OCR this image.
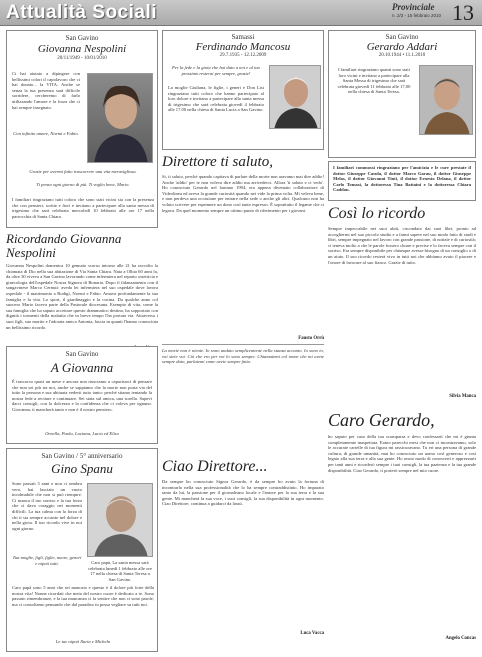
Attualità Sociali	Provinciale
n. 2/3 - 15 febbraio 2010 13
San Gavino
Giovanna Nespolini
20/11/1949 - 10/01/2010
Ci hai aiutato a dipingere con bellissimi colori il capolavoro che ci hai donato... la VITA. Anche se senza la tua presenza sarà difficile sorridere, cercheremo di farlo utilizzando l'amore e la forza che ci hai sempre insegnato.
Con infinito amore, Noemi e Fabio.
Grazie per avermi fatto trascorrere una vita meravigliosa.
Ti penso ogni giorno di più. Ti voglio bene, Mario.
I familiari ringraziano tutti coloro che sono stati vicini sia con la presenza che con pensieri, scritte e fiori e invitano a partecipare alla santa messa di trigesimo che sarà celebrata mercoledì 10 febbraio alle ore 17 nella parrocchia di Santa Chiara.
Ricordando Giovanna Nespolini
Giovanna Nespolini domenica 10 gennaio scorso intorno alle 21 ha raccolto la chiamata di Dio nella sua abitazione di Via Santa Chiara. Nata a Olbia 60 anni fa, da oltre 30 viveva a San Gavino lavorando come infermiera nel reparto ostetricia e ginecologia dell'ospedale Nostra Signora di Bonaria. Dopo il fidanzamento con il sangavinese Marco Cernuti: aveda lei infermiera nel suo ospedale dove lavora ospedale - il matrimonio a Rodigi, Noemi e Fabio. Amava profondamente la sua famiglia e la vita. Lo sport, il giardinaggio e la cucina. Da qualche anno col suocero Mario faceva parte della Pastorale diocesana. Esempio di vita, come la sua famiglia che ha saputo accettare questo drammatico destino, ha sopportato con dignità i tormenti della malattia che in breve tempo l'ha portata via. Attraverso i suoi figli, suo marito e l'adorata amica Antonia, lascia in quanti l'hanno conosciuta un bellissimo ricordo.
San Gavino
A Giovanna
È trascorso quasi un mese e ancora non riusciamo a capacitarci di pensare che non sei più tra noi, anche se sappiamo che la morte non porta via del tutto la persona e sua abituata vederti tutto tanto: perché stiamo tentando la nostra fede a recitare e continuare. Sei stata sul amica, una sorella. Sapevi darci consigli, con la dolcezza e la confidenza che ci voleva per ognuno. Giovanna, ti mancherà tanto e non è il nostro pensiero.
Ornella, Paola, Luciana, Lucia ed Eliso
San Gavino / 5° anniversario
Gino Spanu
Sono passati 5 anni e non ci sembra vero, hai lasciato un vuoto incolmabile che non si può riempire. Ci manca il tuo sorriso e la tua forza che ci dava coraggio nei momenti difficili. La tua calma con la forza di chi ti sta sempre accanto nel dolore e nella gioia. Il tuo ricordo vive in noi ogni giorno.
Caro papà, La santa messa sarà celebrata lunedì 1 febbraio alle ore 17 nella chiesa di Santa Teresa a San Gavino.
Caro papà sono 5 anni che sei mancato e questo è il dolore più forte della nostra vita! Nonne ricordati che meta del nostro cuore è dedicato a te. Sono passato rimembranze, e la tua mancanza ci fa sentire che non ci sono parole, ma ci consoliamo pensando che dal paradiso tu possa vegliare su tutti noi.
Tua moglie, figli, figlie, nuore, generi e nipoti tutti.
Le tue nipoti Ilaria e Michela
Samassi
Ferdinando Mancosu
29.7.1935 - 12.12.2009
Per la fede e la gioia che hai dato a noi e al tuo prossimo resterai per sempre, grazie!
La moglie Giuliana, le figlie, i generi e Don Lisi ringraziano tutti coloro che hanno partecipato al loro dolore e invitano a partecipare alla santa messa di trigesimo che sarà celebrata giovedì 4 febbraio alle 17.00 nella chiesa di Santa Lucia a San Gavino.
Direttore ti saluto,
Si, ti saluto, perché quando capitava di parlare della morte non aravamo mai dire addio! Anche 'addio' per te non voleva dire addio ma arrivederci. Allora 'ti saluto e ci vedo'. Ho conosciuto Gerardo nel lontano 1994, era appena diventato collaboratore di Videolinea ed aveva la grande curiosità quando nei vide la prima volta. Mi veleva bene, e non perdeva una occasione per entrare nella sede o anche gli altri. Qualcuno non ha voluto scrivere per esprimere un dono così tanto espresso. È soprattutto il legame che ci legava. Da quel momento sempre un ottimo punto di riferimento per i giovani.
Fausto Orrù
La morte non è niente. Io sono andato semplicemente nella stanza accanto. Io sono io, voi siete voi. Ciò che ero per voi lo sono sempre. Chiamatemi col nome che mi avete sempre dato, parlatemi come avete sempre fatto.
Ciao Direttore...
Da sempre ho conosciuto Signor Gerardo, è da sempre ho avuto la fortuna di incontrarlo nella sua professionalità che lo ha sempre contraddistinto. Ho imparato tanto da lui, la passione per il giornalismo locale e l'amore per la sua terra e la sua gente. Mi mancherà la sua voce, i suoi consigli, la sua disponibilità in ogni momento. Ciao Direttore, continua a guidarci da lassù.
Luca Vacca
San Gavino
Gerardo Addari
20.10.1944 • 11.1.2010
I familiari ringraziano quanti sono stati loro vicini e invitano a partecipare alla Santa Messa di trigesimo che sarà celebrata giovedì 11 febbraio alle 17,00 nella chiesa di Santa Teresa.
I familiari commossi ringraziano per l'amicizia e le cure prestate il dottor Giuseppe Casula, il dottor Marco Garau, il dottor Giuseppe Melas, il dottor Giovanni Tinti, il dottor Ernesto Delana, il dottor Carlo Tomasi, la dottoressa Tina Battaiui e la dottoressa Chiara Caddon.
Così lo ricordo
Sempre impeccabile nei suoi abiti, circondato dai suoi libri, pronto ad accogliermi nel suo piccolo studio e a farmi sapere nel suo modo fatto di studi e libri, sempre impegnato nel lavoro con grande passione, di notizie e di curiosità; ci teneva molto a che le parole fossero chiare e precise e lo faceva sempre con il sorriso. Era sempre disponibile per chiunque avesse bisogno di un consiglio o di un aiuto. Il suo ricordo resterà vivo in tutti noi che abbiamo avuto il piacere e l'onore di lavorare al suo fianco. Grazie di tutto.
Silvia Manca
Caro Gerardo,
ho saputo per caso della tua scomparsa e devo confessarti che mi è giunta completamente inaspettata. Erano parecchi mesi che non ci incontravamo, solo le accurate cartelle di tua figura mi rassicuravano. Tu eri una persona di grande cultura, di grande umanità, mai ho conosciuto un uomo così generoso e così legato alla sua terra e alla sua gente. Ho avuto modo di conoscerti e apprezzarti per tanti anni e ricorderò sempre i tuoi consigli, la tua pazienza e la tua grande disponibilità. Ciao Gerardo, ti porterò sempre nel mio cuore.
Angelo Concas
